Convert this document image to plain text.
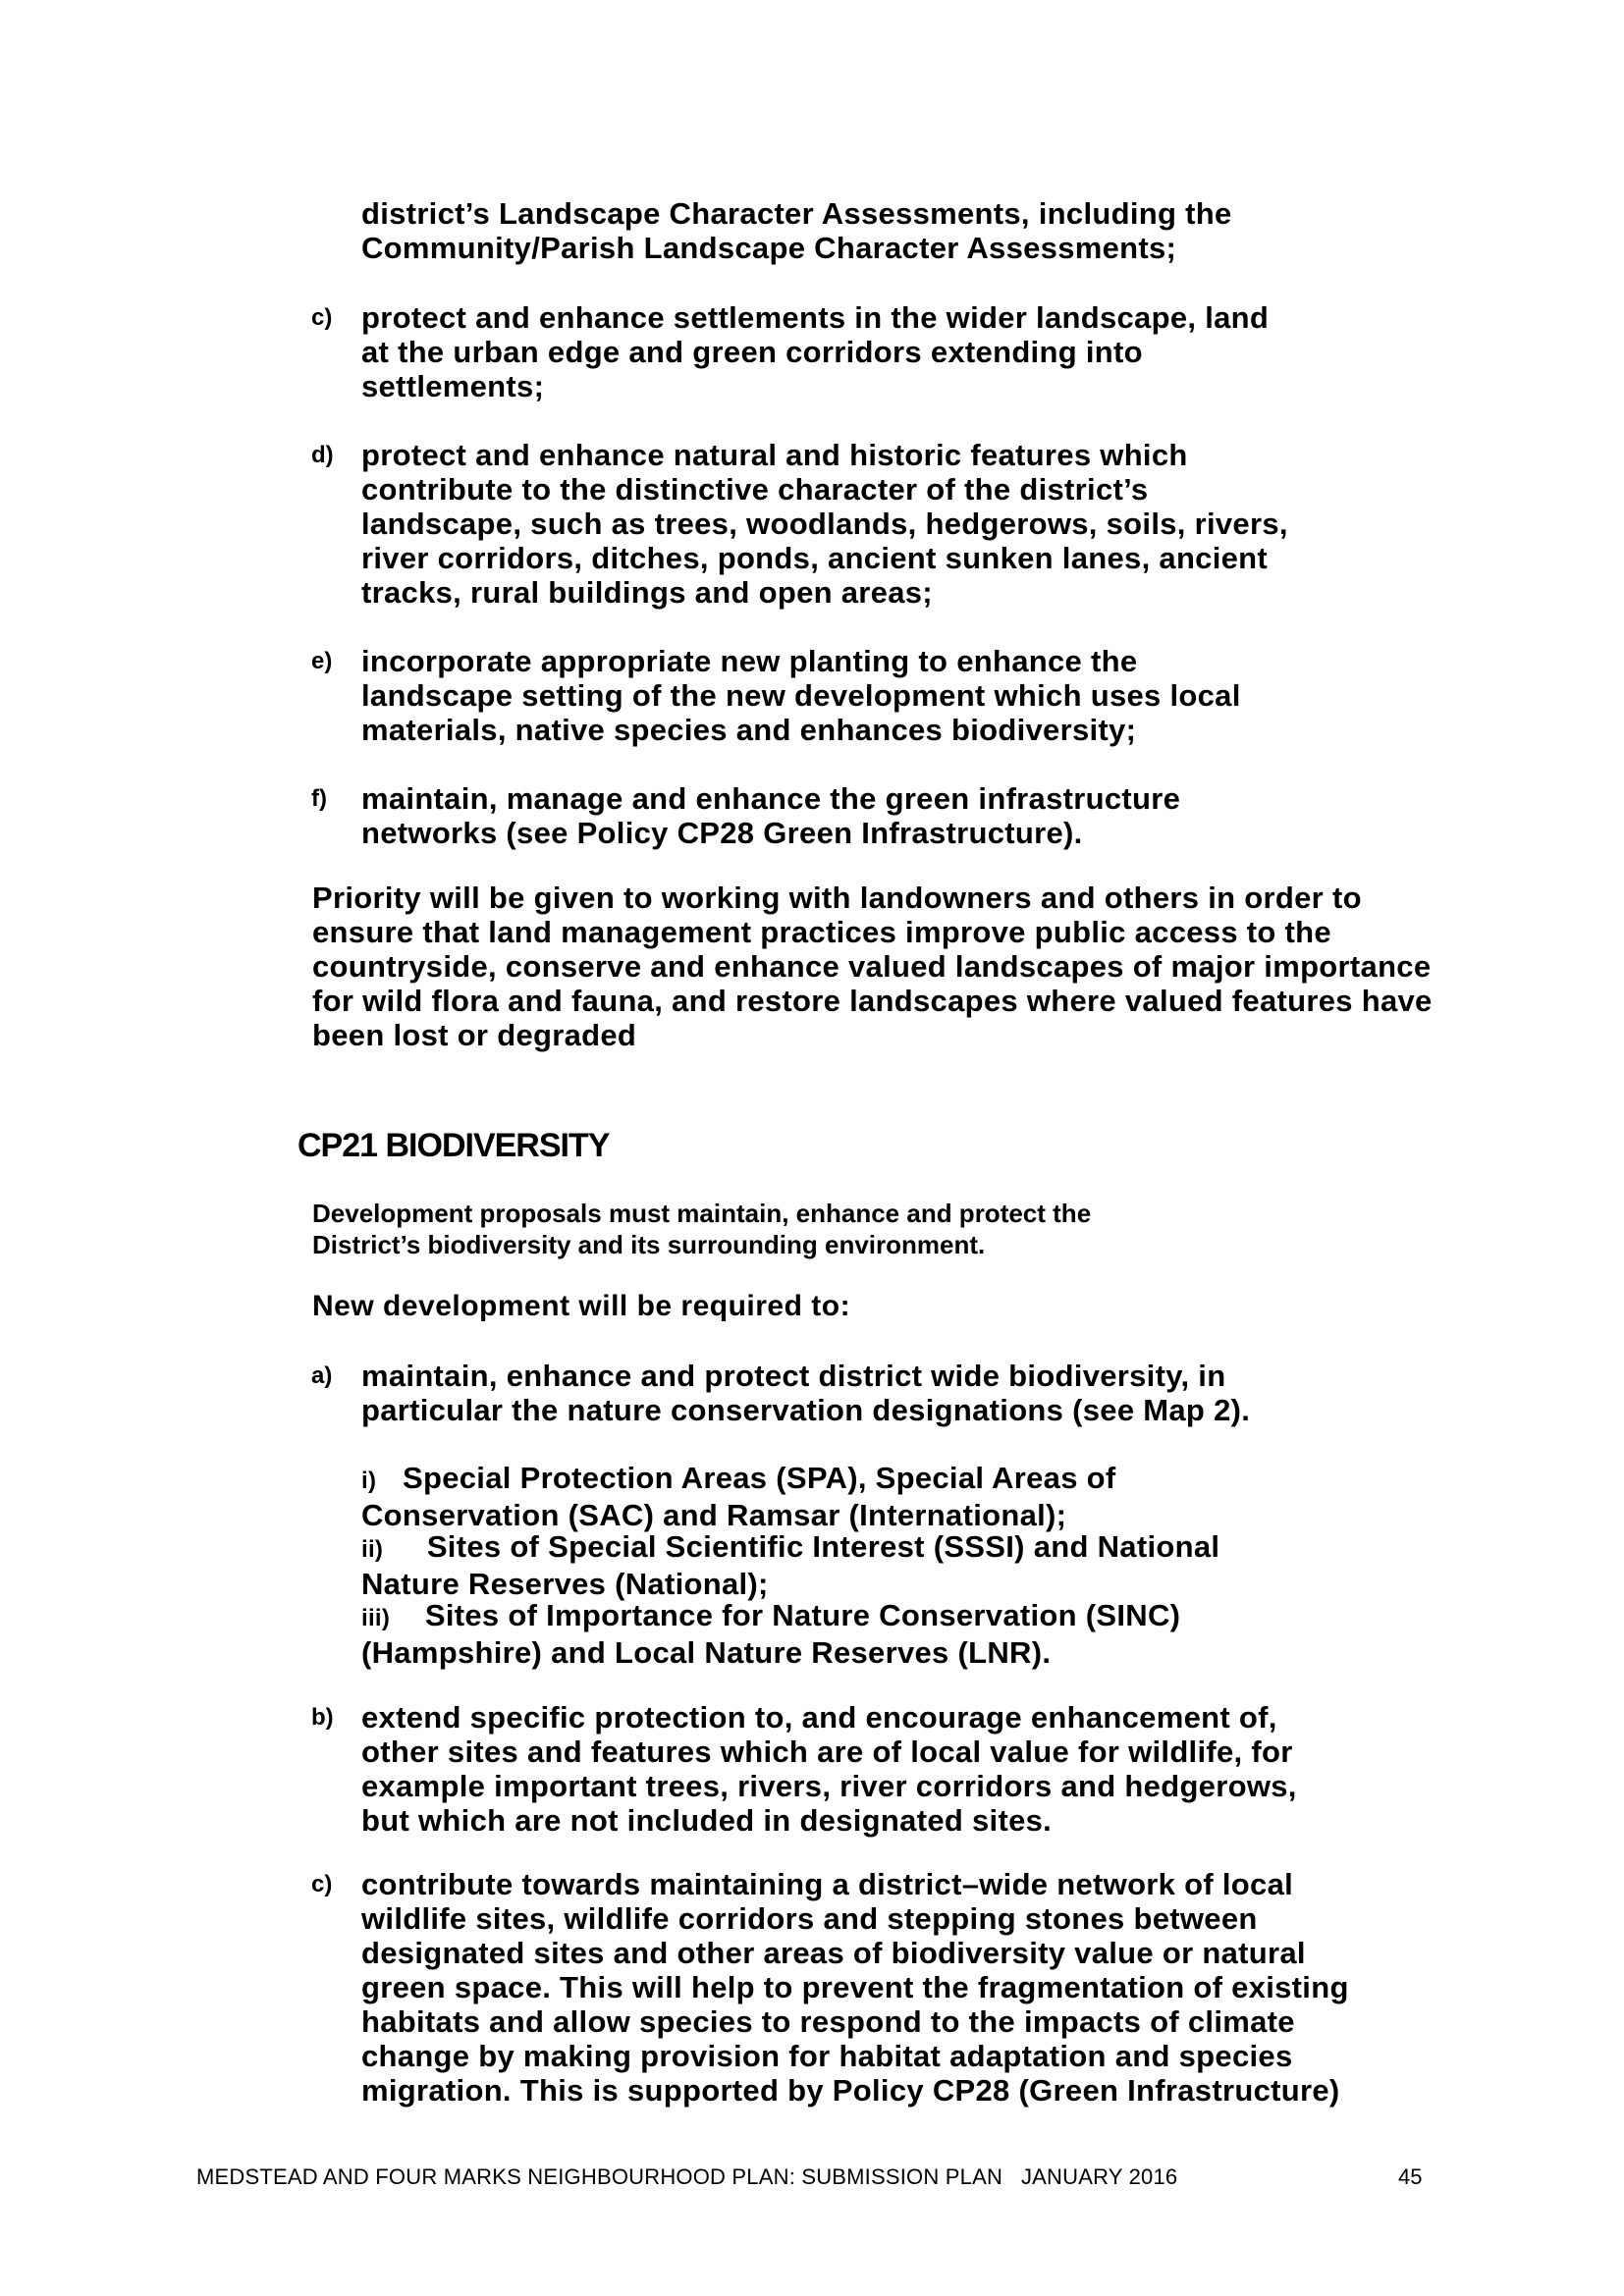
district’s Landscape Character Assessments, including the
Community/Parish Landscape Character Assessments;
c) protect and enhance settlements in the wider landscape, land
at the urban edge and green corridors extending into
settlements;
d) protect and enhance natural and historic features which
contribute to the distinctive character of the district’s
landscape, such as trees, woodlands, hedgerows, soils, rivers,
river corridors, ditches, ponds, ancient sunken lanes, ancient
tracks, rural buildings and open areas;
e) incorporate appropriate new planting to enhance the
landscape setting of the new development which uses local
materials, native species and enhances biodiversity;
f) maintain, manage and enhance the green infrastructure
networks (see Policy CP28 Green Infrastructure).
Priority will be given to working with landowners and others in order to ensure that land management practices improve public access to the countryside, conserve and enhance valued landscapes of major importance for wild flora and fauna, and restore landscapes where valued features have been lost or degraded
CP21 BIODIVERSITY
Development proposals must maintain, enhance and protect the
District’s biodiversity and its surrounding environment.
New development will be required to:
a) maintain, enhance and protect district wide biodiversity, in
particular the nature conservation designations (see Map 2).
i) Special Protection Areas (SPA), Special Areas of
Conservation (SAC) and Ramsar (International);
ii) Sites of Special Scientific Interest (SSSI) and National
Nature Reserves (National);
iii) Sites of Importance for Nature Conservation (SINC)
(Hampshire) and Local Nature Reserves (LNR).
b) extend specific protection to, and encourage enhancement of,
other sites and features which are of local value for wildlife, for
example important trees, rivers, river corridors and hedgerows,
but which are not included in designated sites.
c) contribute towards maintaining a district–wide network of local
wildlife sites, wildlife corridors and stepping stones between
designated sites and other areas of biodiversity value or natural
green space. This will help to prevent the fragmentation of existing
habitats and allow species to respond to the impacts of climate
change by making provision for habitat adaptation and species
migration. This is supported by Policy CP28 (Green Infrastructure)
MEDSTEAD AND FOUR MARKS NEIGHBOURHOOD PLAN: SUBMISSION PLAN   JANUARY 2016	45
